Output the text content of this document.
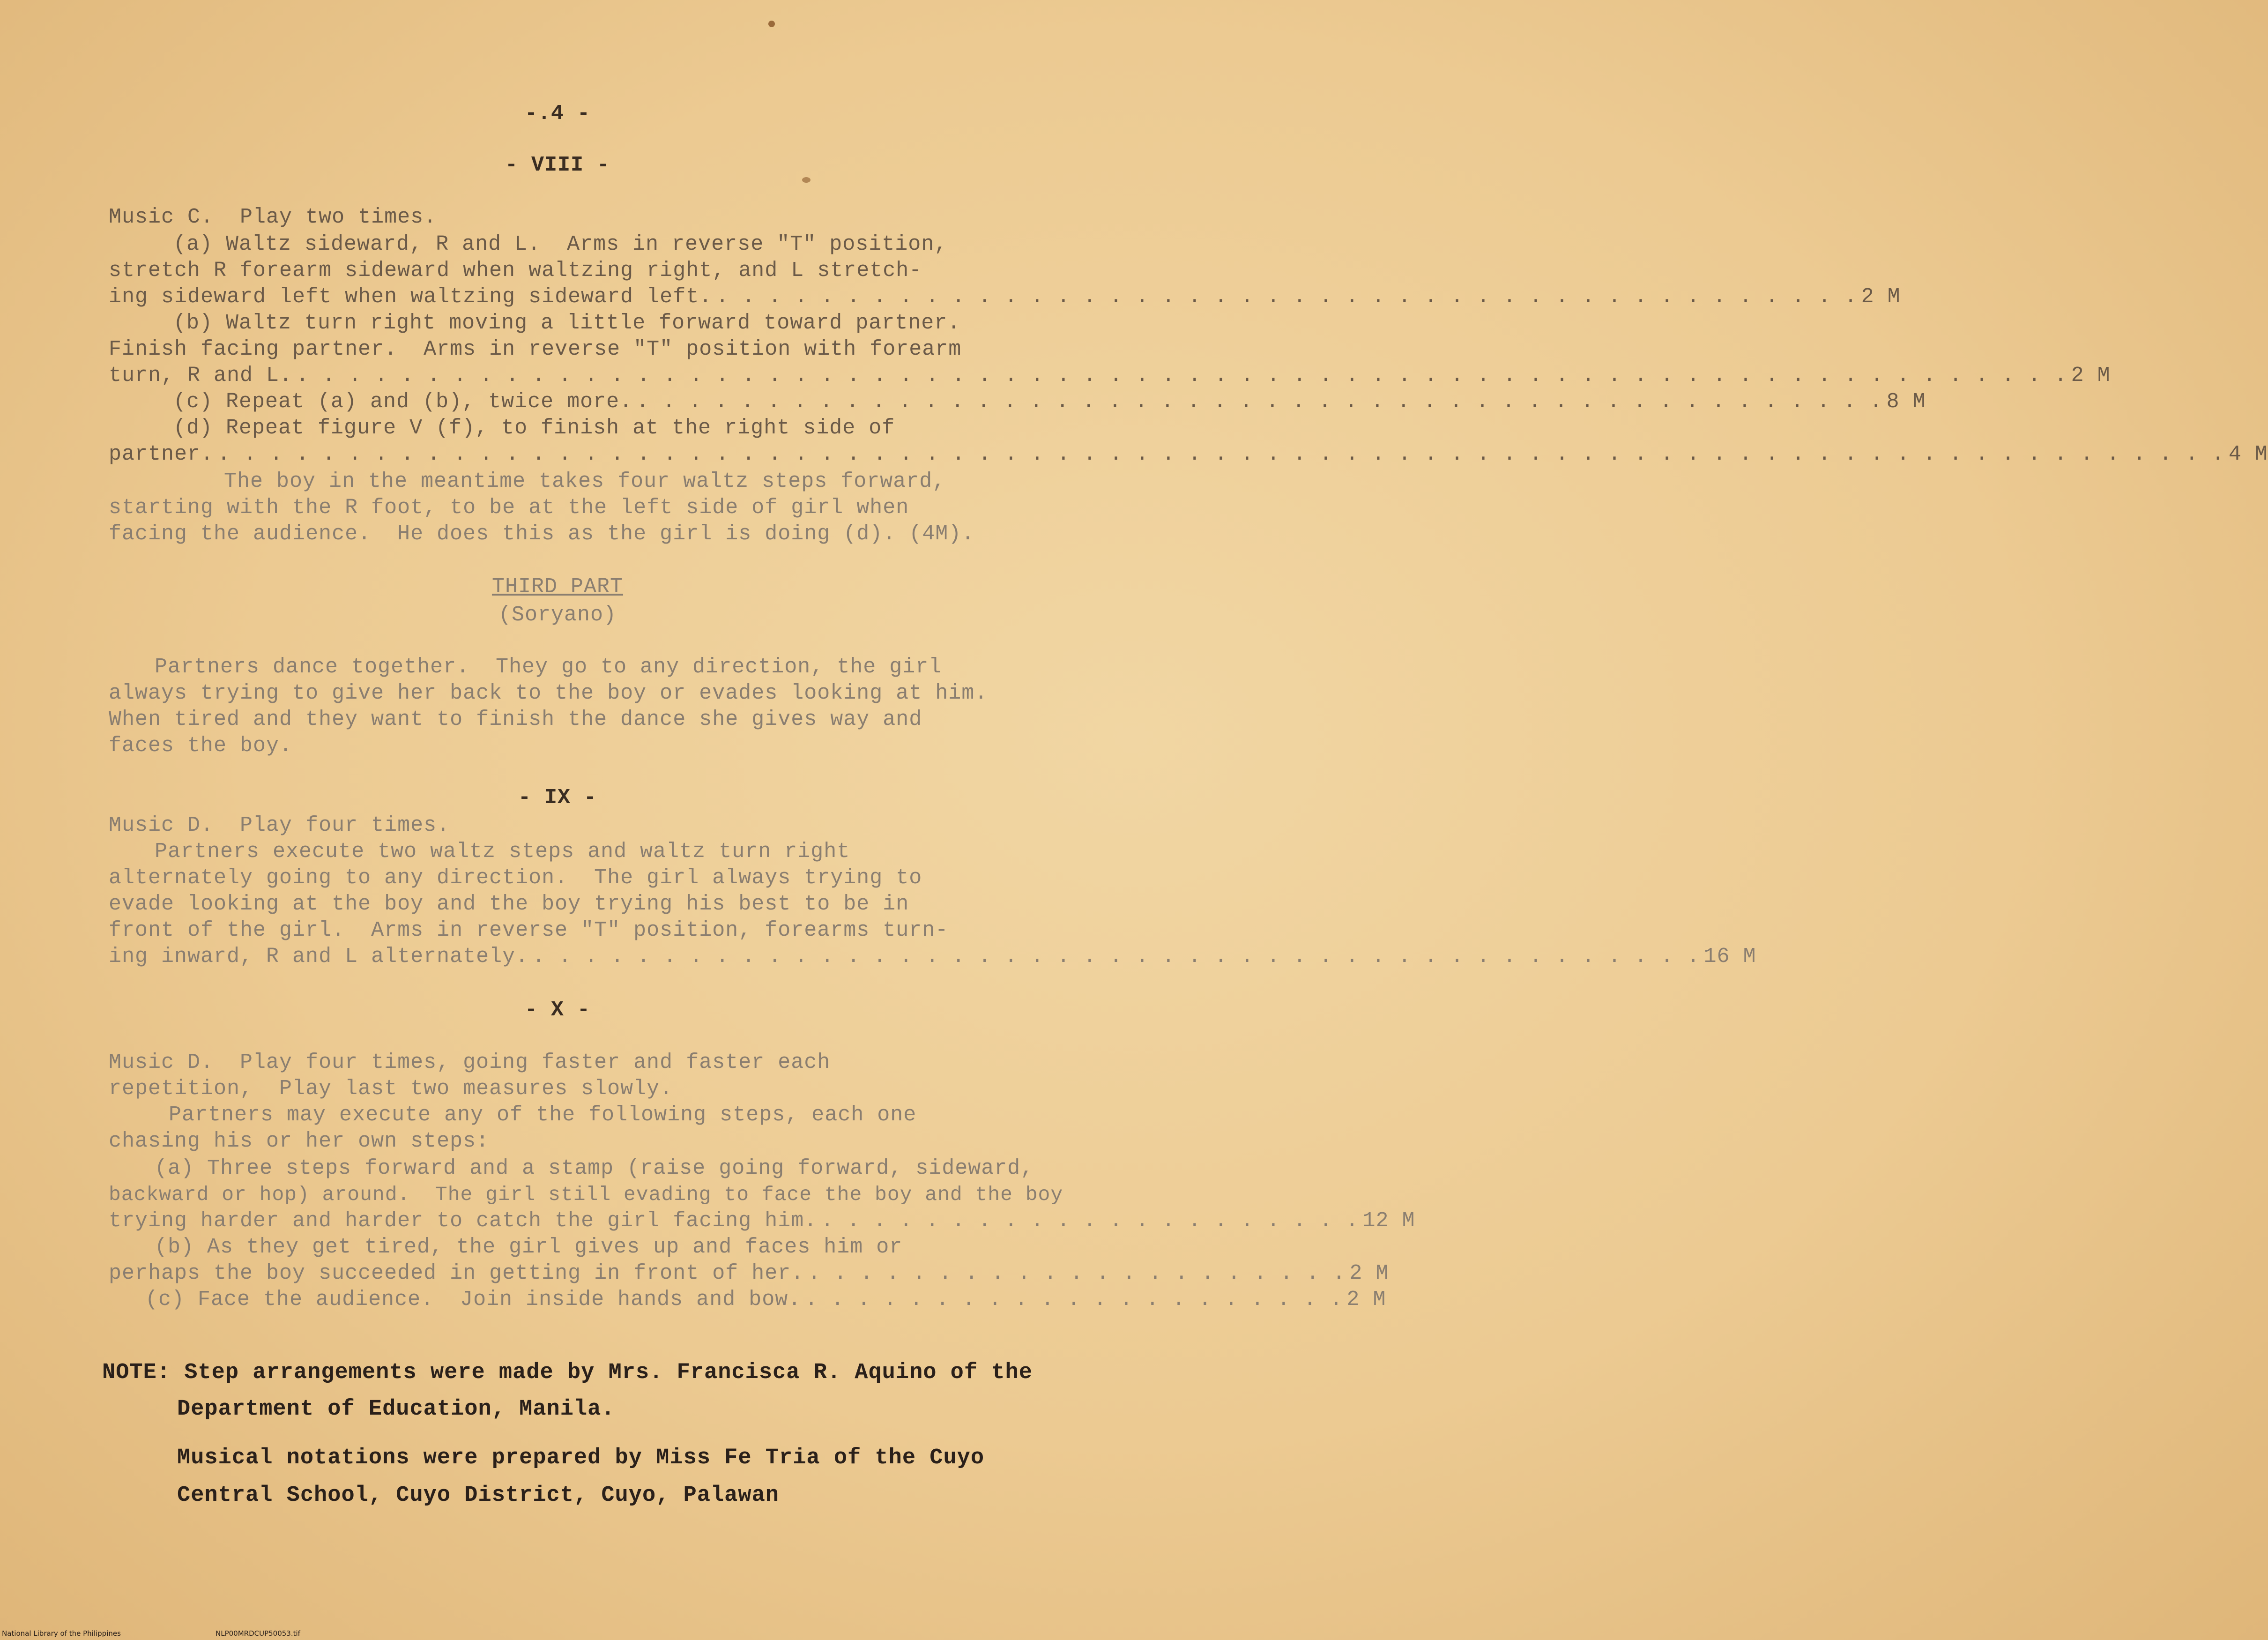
-.4 -
- VIII -
Music C.  Play two times.
(a) Waltz sideward, R and L.  Arms in reverse "T" position,
stretch R forearm sideward when waltzing right, and L stretch-
ing sideward left when waltzing sideward left. . . . . . . . . . . . . . . . . . . . . . . . . . . . . . . . . . . . . . . . . . . . . 2 M
(b) Waltz turn right moving a little forward toward partner.
Finish facing partner.  Arms in reverse "T" position with forearm
turn, R and L. . . . . . . . . . . . . . . . . . . . . . . . . . . . . . . . . . . . . . . . . . . . . . . . . . . . . . . . . . . . . . . . . . . . . 2 M
(c) Repeat (a) and (b), twice more. . . . . . . . . . . . . . . . . . . . . . . . . . . . . . . . . . . . . . . . . . . . . . . . . 8 M
(d) Repeat figure V (f), to finish at the right side of
partner. . . . . . . . . . . . . . . . . . . . . . . . . . . . . . . . . . . . . . . . . . . . . . . . . . . . . . . . . . . . . . . . . . . . . . . . . . . . . . 4 M
The boy in the meantime takes four waltz steps forward,
starting with the R foot, to be at the left side of girl when
facing the audience.  He does this as the girl is doing (d). (4M).
THIRD PART
(Soryano)
Partners dance together.  They go to any direction, the girl
always trying to give her back to the boy or evades looking at him.
When tired and they want to finish the dance she gives way and
faces the boy.
- IX -
Music D.  Play four times.
Partners execute two waltz steps and waltz turn right
alternately going to any direction.  The girl always trying to
evade looking at the boy and the boy trying his best to be in
front of the girl.  Arms in reverse "T" position, forearms turn-
ing inward, R and L alternately. . . . . . . . . . . . . . . . . . . . . . . . . . . . . . . . . . . . . . . . . . . . . . 16 M
- X -
Music D.  Play four times, going faster and faster each
repetition,  Play last two measures slowly.
Partners may execute any of the following steps, each one
chasing his or her own steps:
(a) Three steps forward and a stamp (raise going forward, sideward,
backward or hop) around.  The girl still evading to face the boy and the boy
trying harder and harder to catch the girl facing him. . . . . . . . . . . . . . . . . . . . . . 12 M
(b) As they get tired, the girl gives up and faces him or
perhaps the boy succeeded in getting in front of her. . . . . . . . . . . . . . . . . . . . . . 2 M
(c) Face the audience.  Join inside hands and bow. . . . . . . . . . . . . . . . . . . . . . 2 M
NOTE: Step arrangements were made by Mrs. Francisca R. Aquino of the
Department of Education, Manila.
Musical notations were prepared by Miss Fe Tria of the Cuyo
Central School, Cuyo District, Cuyo, Palawan
National Library of the Philippines	NLP00MRDCUP50053.tif
